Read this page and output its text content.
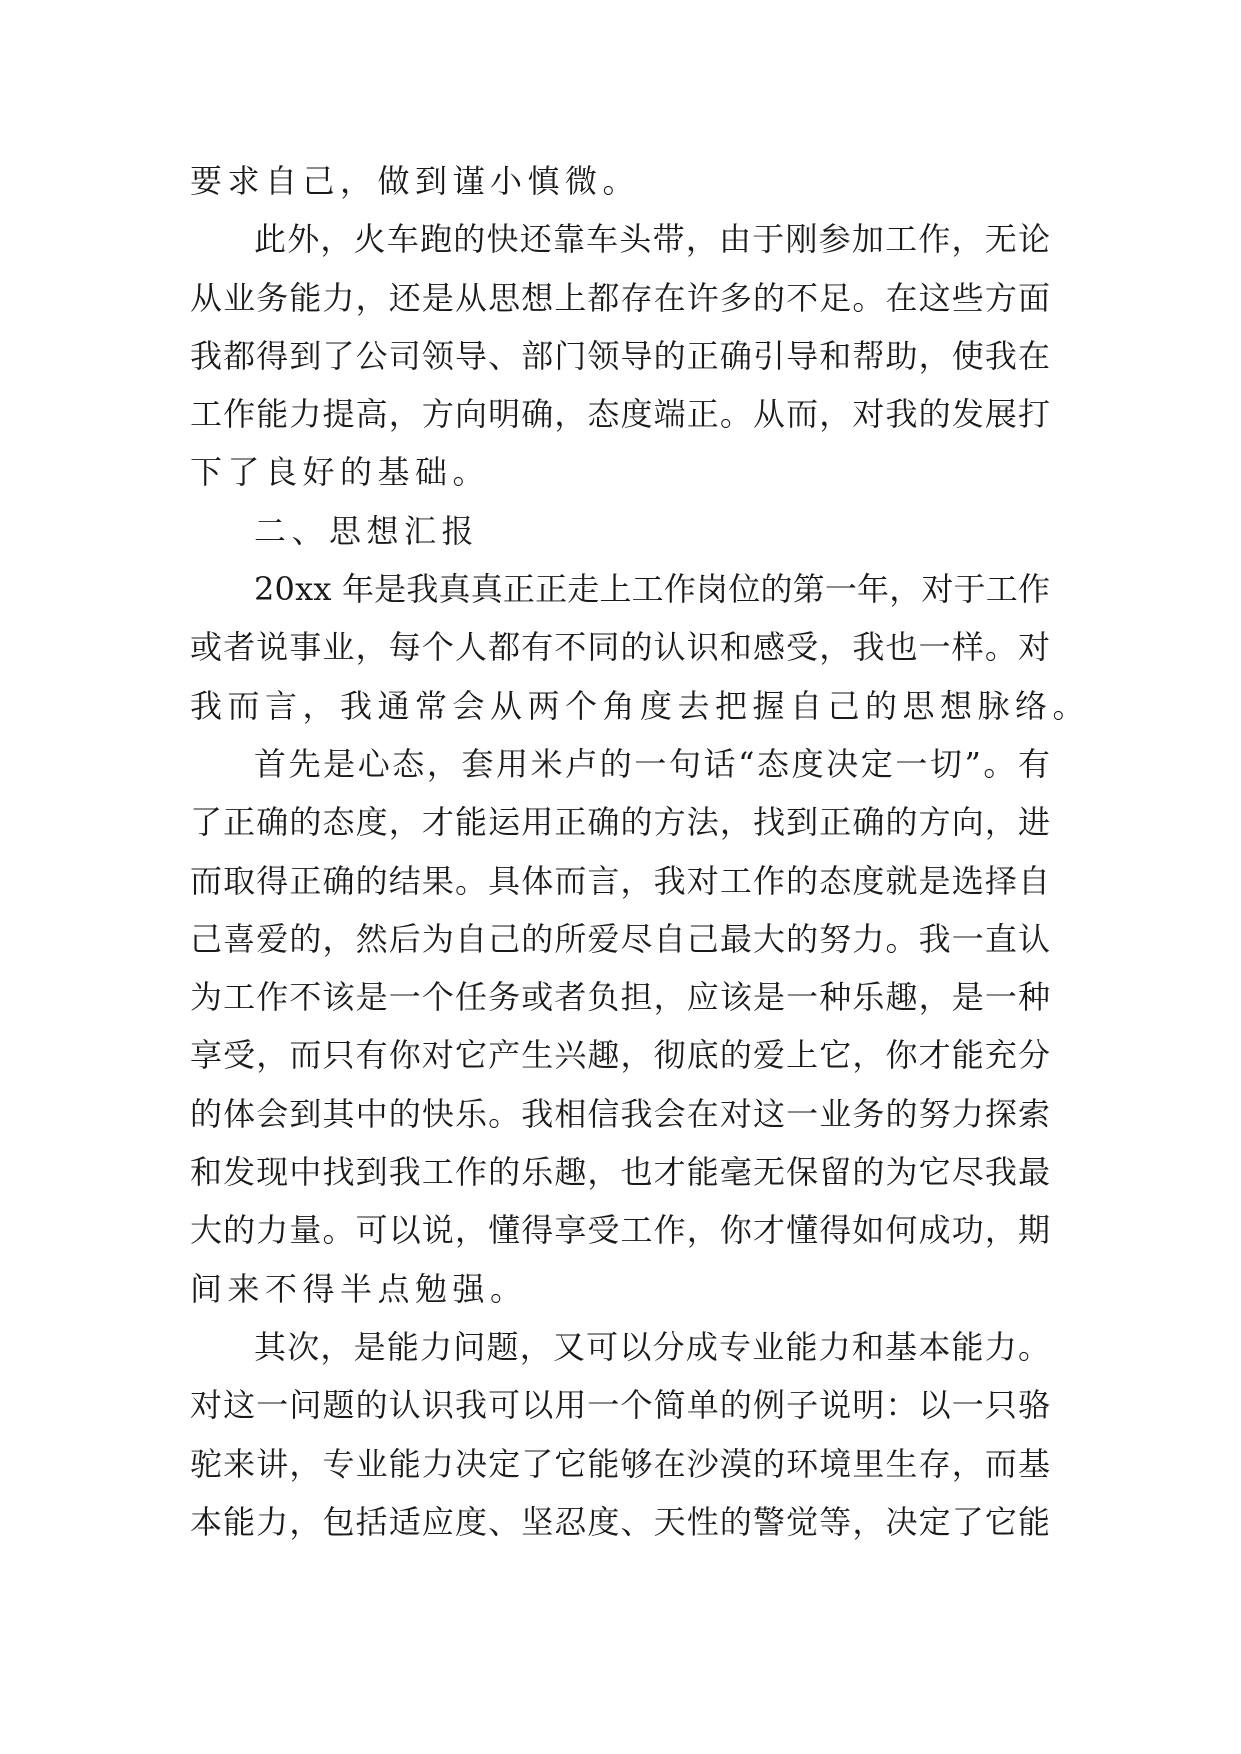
要求自己，做到谨小慎微。
此外，火车跑的快还靠车头带，由于刚参加工作，无论
从业务能力，还是从思想上都存在许多的不足。在这些方面
我都得到了公司领导、部门领导的正确引导和帮助，使我在
工作能力提高，方向明确，态度端正。从而，对我的发展打
下了良好的基础。
二、思想汇报
20xx 年是我真真正正走上工作岗位的第一年，对于工作
或者说事业，每个人都有不同的认识和感受，我也一样。对
我而言，我通常会从两个角度去把握自己的思想脉络。
首先是心态，套用米卢的一句话“态度决定一切”。有
了正确的态度，才能运用正确的方法，找到正确的方向，进
而取得正确的结果。具体而言，我对工作的态度就是选择自
己喜爱的，然后为自己的所爱尽自己最大的努力。我一直认
为工作不该是一个任务或者负担，应该是一种乐趣，是一种
享受，而只有你对它产生兴趣，彻底的爱上它，你才能充分
的体会到其中的快乐。我相信我会在对这一业务的努力探索
和发现中找到我工作的乐趣，也才能毫无保留的为它尽我最
大的力量。可以说，懂得享受工作，你才懂得如何成功，期
间来不得半点勉强。
其次，是能力问题，又可以分成专业能力和基本能力。
对这一问题的认识我可以用一个简单的例子说明：以一只骆
驼来讲，专业能力决定了它能够在沙漠的环境里生存，而基
本能力，包括适应度、坚忍度、天性的警觉等，决定了它能
